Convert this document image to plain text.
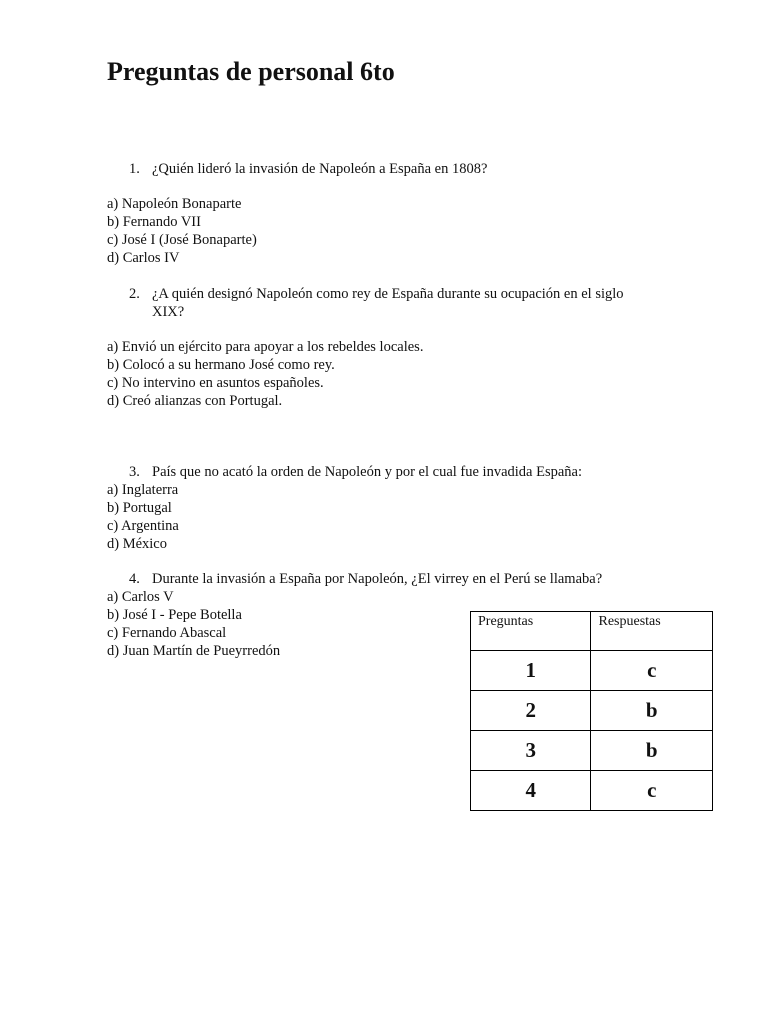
Preguntas de personal 6to
1. ¿Quién lideró la invasión de Napoleón a España en 1808?
a) Napoleón Bonaparte
b) Fernando VII
c) José I (José Bonaparte)
d) Carlos IV
2. ¿A quién designó Napoleón como rey de España durante su ocupación en el siglo XIX?
a) Envió un ejército para apoyar a los rebeldes locales.
b) Colocó a su hermano José como rey.
c) No intervino en asuntos españoles.
d) Creó alianzas con Portugal.
3. País que no acató la orden de Napoleón y por el cual fue invadida España:
a) Inglaterra
b) Portugal
c) Argentina
d) México
4. Durante la invasión a España por Napoleón, ¿El virrey en el Perú se llamaba?
a) Carlos V
b) José I - Pepe Botella
c) Fernando Abascal
d) Juan Martín de Pueyrredón
Preguntas	Respuestas
1	c
2	b
3	b
4	c
